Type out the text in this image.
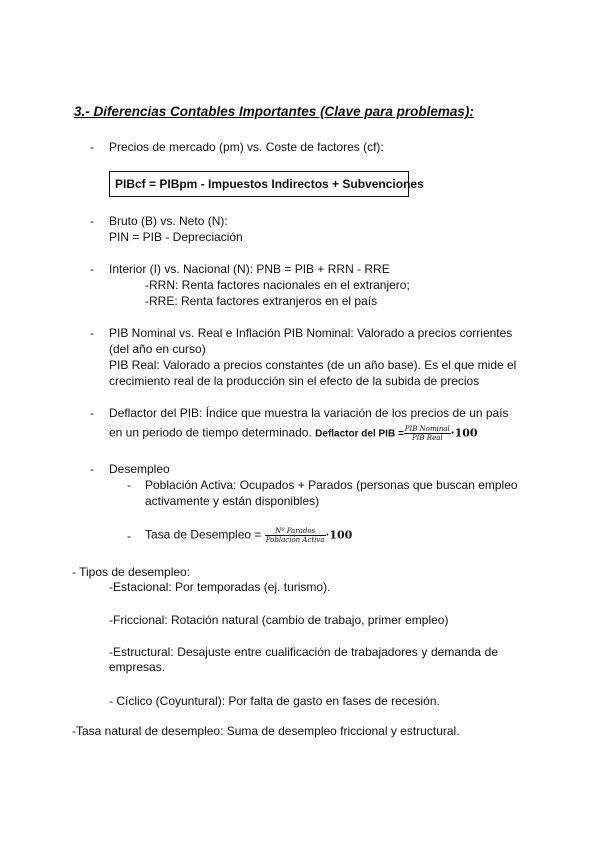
3.- Diferencias Contables Importantes (Clave para problemas):
- Precios de mercado (pm) vs. Coste de factores (cf):
PIBcf = PIBpm - Impuestos Indirectos + Subvenciones
- Bruto (B) vs. Neto (N):
PIN = PIB - Depreciación
- Interior (I) vs. Nacional (N): PNB = PIB + RRN - RRE
-RRN: Renta factores nacionales en el extranjero;
-RRE: Renta factores extranjeros en el país
- PIB Nominal vs. Real e Inflación PIB Nominal: Valorado a precios corrientes
(del año en curso)
PIB Real: Valorado a precios constantes (de un año base). Es el que mide el
crecimiento real de la producción sin el efecto de la subida de precios
- Deflactor del PIB: Índice que muestra la variación de los precios de un país
en un periodo de tiempo determinado. Deflactor del PIB = $\frac{\text{PIB Nominal}}{\text{PIB Real}} \cdot 100$
- Desempleo
- Población Activa: Ocupados + Parados (personas que buscan empleo
activamente y están disponibles)
- Tasa de Desempleo = $\frac{\text{Nº Parados}}{\text{Población Activa}} \cdot 100$
- Tipos de desempleo:
-Estacional: Por temporadas (ej. turismo).
-Friccional: Rotación natural (cambio de trabajo, primer empleo)
-Estructural: Desajuste entre cualificación de trabajadores y demanda de empresas.
- Cíclico (Coyuntural): Por falta de gasto en fases de recesión.
-Tasa natural de desempleo: Suma de desempleo friccional y estructural.
